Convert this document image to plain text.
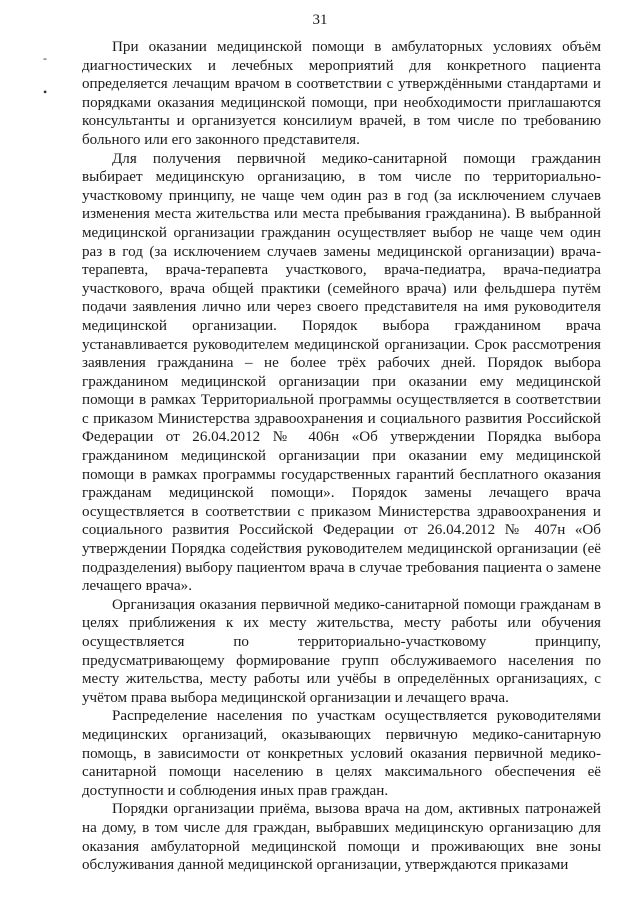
31
-
•

При оказании медицинской помощи в амбулаторных условиях объём диагностических и лечебных мероприятий для конкретного пациента определяется лечащим врачом в соответствии с утверждёнными стандартами и порядками оказания медицинской помощи, при необходимости приглашаются консультанты и организуется консилиум врачей, в том числе по требованию больного или его законного представителя.

Для получения первичной медико-санитарной помощи гражданин выбирает медицинскую организацию, в том числе по территориально-участковому принципу, не чаще чем один раз в год (за исключением случаев изменения места жительства или места пребывания гражданина). В выбранной медицинской организации гражданин осуществляет выбор не чаще чем один раз в год (за исключением случаев замены медицинской организации) врача-терапевта, врача-терапевта участкового, врача-педиатра, врача-педиатра участкового, врача общей практики (семейного врача) или фельдшера путём подачи заявления лично или через своего представителя на имя руководителя медицинской организации. Порядок выбора гражданином врача устанавливается руководителем медицинской организации. Срок рассмотрения заявления гражданина – не более трёх рабочих дней. Порядок выбора гражданином медицинской организации при оказании ему медицинской помощи в рамках Территориальной программы осуществляется в соответствии с приказом Министерства здравоохранения и социального развития Российской Федерации от 26.04.2012 № 406н «Об утверждении Порядка выбора гражданином медицинской организации при оказании ему медицинской помощи в рамках программы государственных гарантий бесплатного оказания гражданам медицинской помощи». Порядок замены лечащего врача осуществляется в соответствии с приказом Министерства здравоохранения и социального развития Российской Федерации от 26.04.2012 № 407н «Об утверждении Порядка содействия руководителем медицинской организации (её подразделения) выбору пациентом врача в случае требования пациента о замене лечащего врача».

Организация оказания первичной медико-санитарной помощи гражданам в целях приближения к их месту жительства, месту работы или обучения осуществляется по территориально-участковому принципу, предусматривающему формирование групп обслуживаемого населения по месту жительства, месту работы или учёбы в определённых организациях, с учётом права выбора медицинской организации и лечащего врача.

Распределение населения по участкам осуществляется руководителями медицинских организаций, оказывающих первичную медико-санитарную помощь, в зависимости от конкретных условий оказания первичной медико-санитарной помощи населению в целях максимального обеспечения её доступности и соблюдения иных прав граждан.

Порядки организации приёма, вызова врача на дом, активных патронажей на дому, в том числе для граждан, выбравших медицинскую организацию для оказания амбулаторной медицинской помощи и проживающих вне зоны обслуживания данной медицинской организации, утверждаются приказами
